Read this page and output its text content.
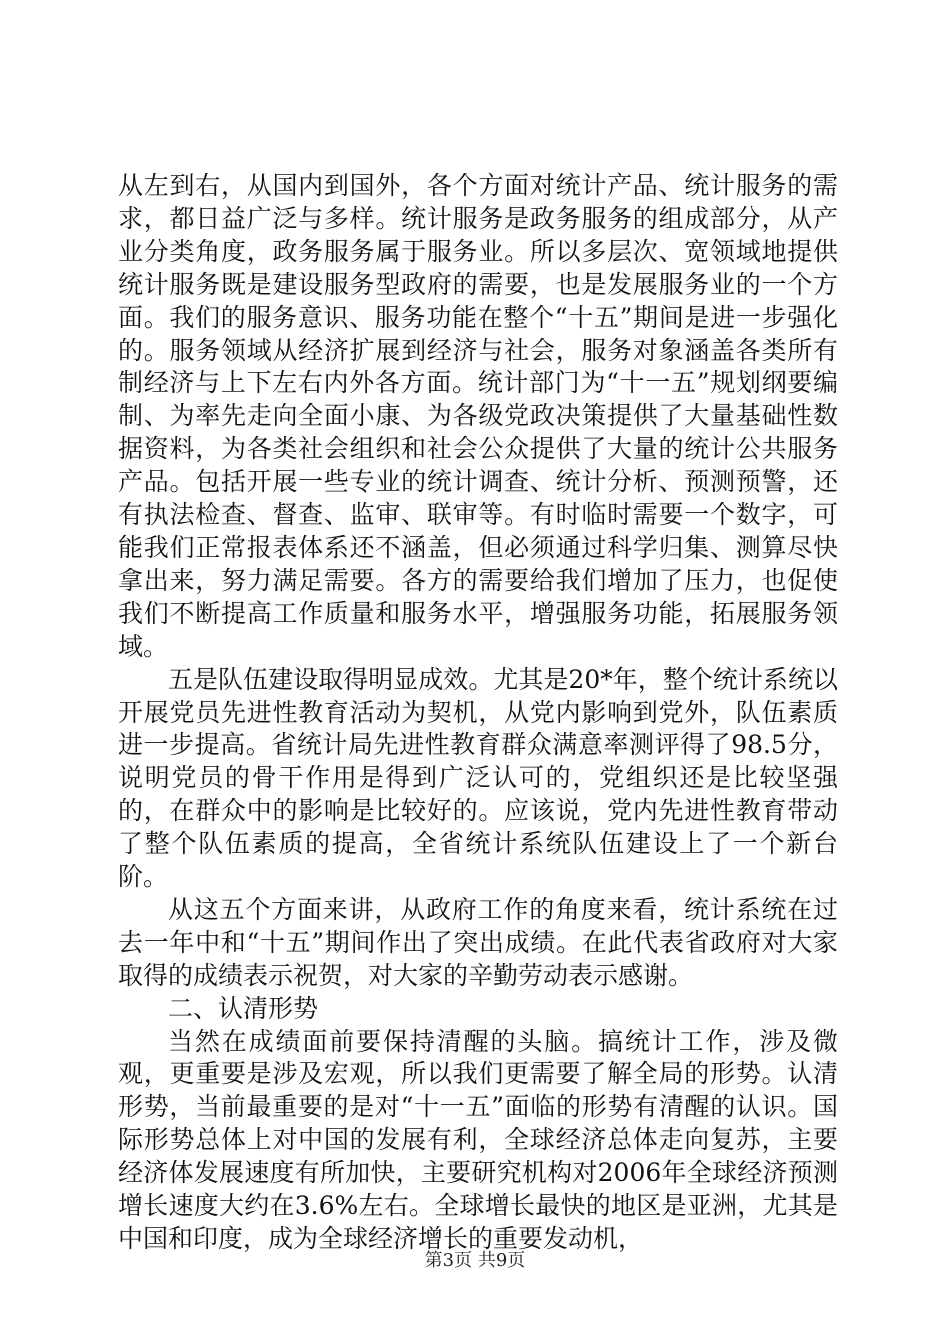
从左到右，从国内到国外，各个方面对统计产品、统计服务的需求，都日益广泛与多样。统计服务是政务服务的组成部分，从产业分类角度，政务服务属于服务业。所以多层次、宽领域地提供统计服务既是建设服务型政府的需要，也是发展服务业的一个方面。我们的服务意识、服务功能在整个“十五”期间是进一步强化的。服务领域从经济扩展到经济与社会，服务对象涵盖各类所有制经济与上下左右内外各方面。统计部门为“十一五”规划纲要编制、为率先走向全面小康、为各级党政决策提供了大量基础性数据资料，为各类社会组织和社会公众提供了大量的统计公共服务产品。包括开展一些专业的统计调查、统计分析、预测预警，还有执法检查、督查、监审、联审等。有时临时需要一个数字，可能我们正常报表体系还不涵盖，但必须通过科学归集、测算尽快拿出来，努力满足需要。各方的需要给我们增加了压力，也促使我们不断提高工作质量和服务水平，增强服务功能，拓展服务领域。

五是队伍建设取得明显成效。尤其是20*年，整个统计系统以开展党员先进性教育活动为契机，从党内影响到党外，队伍素质进一步提高。省统计局先进性教育群众满意率测评得了98.5分，说明党员的骨干作用是得到广泛认可的，党组织还是比较坚强的，在群众中的影响是比较好的。应该说，党内先进性教育带动了整个队伍素质的提高，全省统计系统队伍建设上了一个新台阶。

从这五个方面来讲，从政府工作的角度来看，统计系统在过去一年中和“十五”期间作出了突出成绩。在此代表省政府对大家取得的成绩表示祝贺，对大家的辛勤劳动表示感谢。

二、认清形势

当然在成绩面前要保持清醒的头脑。搞统计工作，涉及微观，更重要是涉及宏观，所以我们更需要了解全局的形势。认清形势，当前最重要的是对“十一五”面临的形势有清醒的认识。国际形势总体上对中国的发展有利，全球经济总体走向复苏，主要经济体发展速度有所加快，主要研究机构对2006年全球经济预测增长速度大约在3.6%左右。全球增长最快的地区是亚洲，尤其是中国和印度，成为全球经济增长的重要发动机，

第3页 共9页
